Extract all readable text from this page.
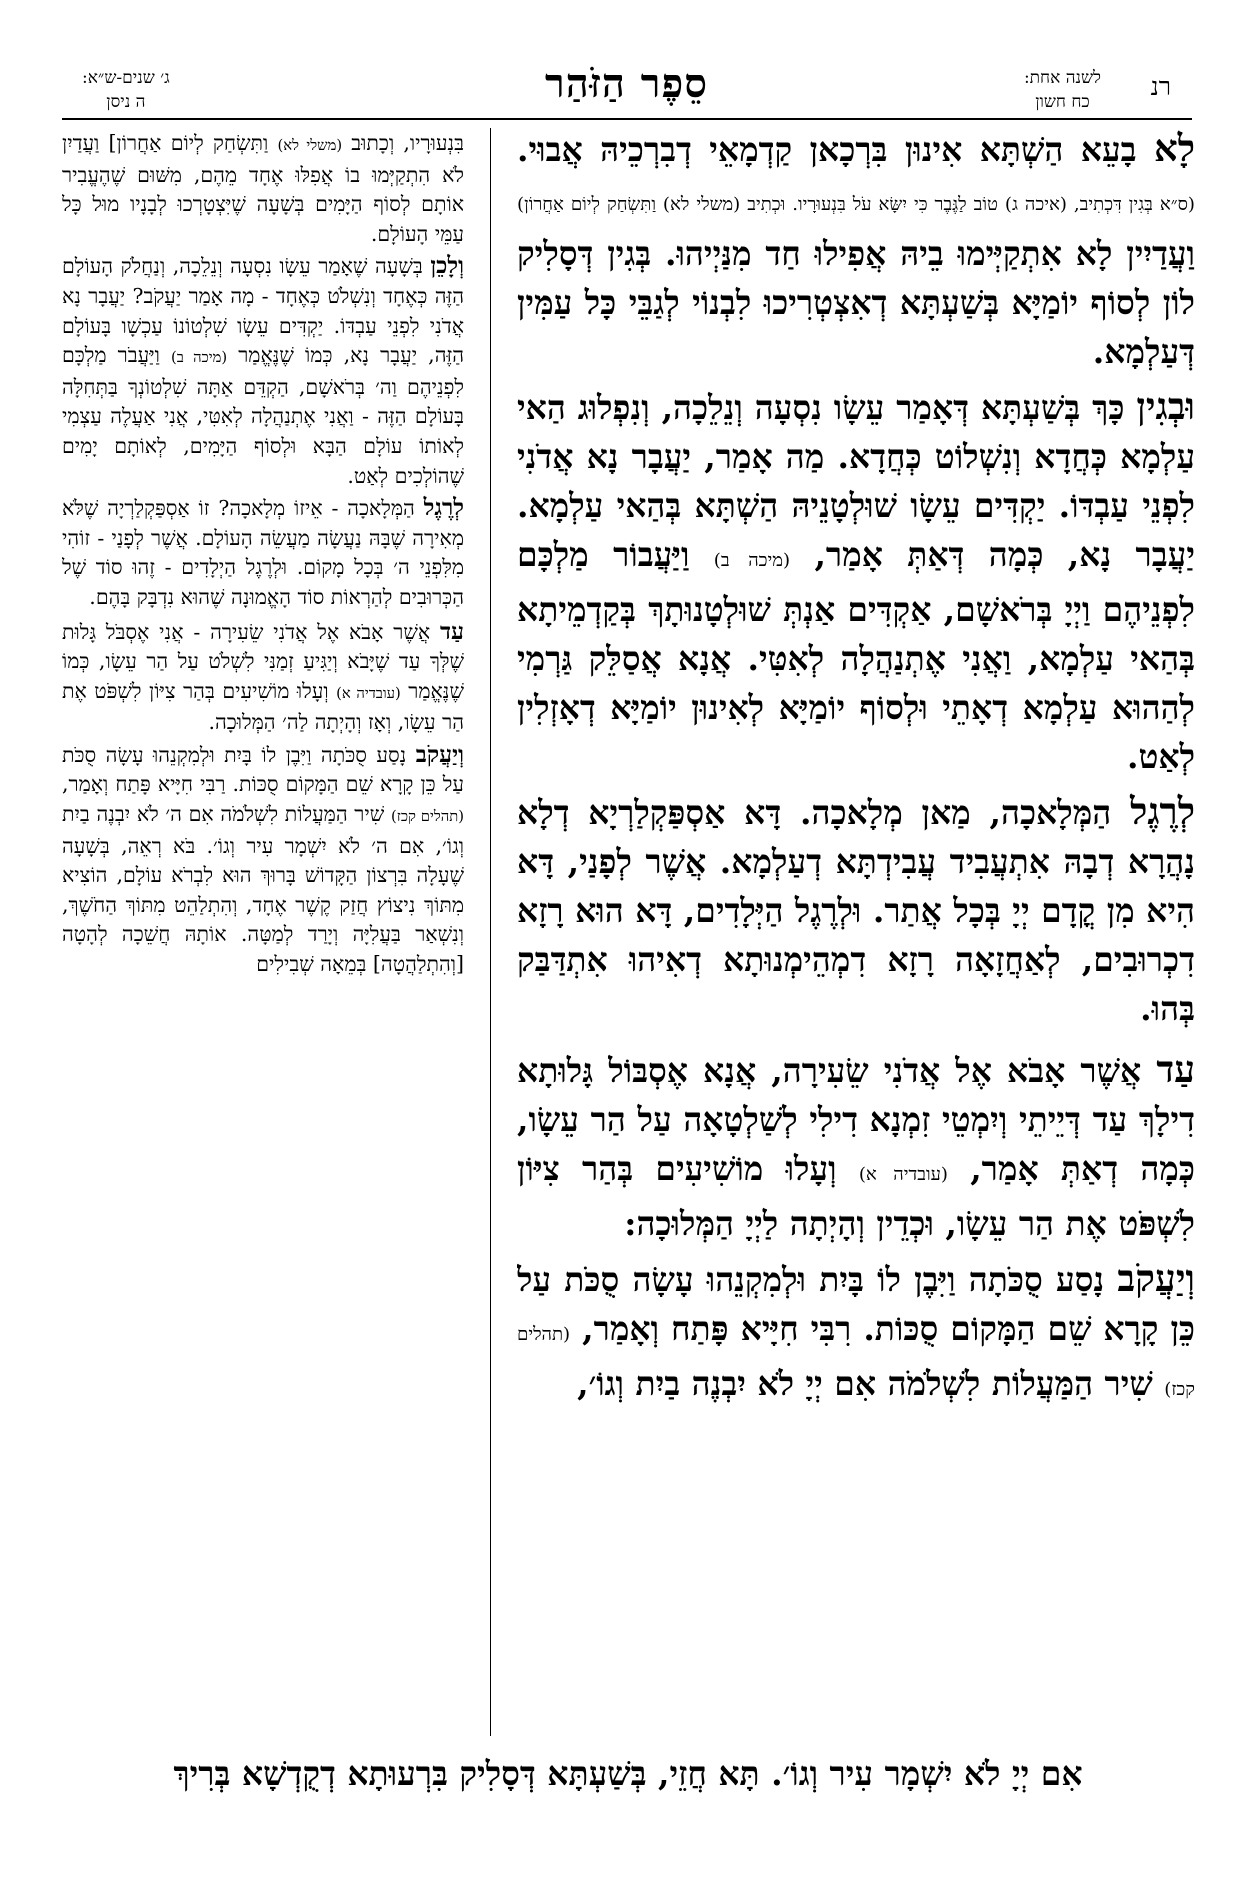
רנ
לשנה אחת:
כח חשון
סֵפֶר הַזֹּהַר
ג׳ שנים-ש״א:
ה ניסן

לָא בָעֵא הַשְׁתָּא אִינוּן בִּרְכָאן קַדְמָאֵי דְבִרְכֵיהּ אֲבוּי. (ס״א בְּגִין דִּכְתִיב, (איכה ג) טוֹב לַגֶּבֶר כִּי יִשָּׂא עֹל בִּנְעוּרָיו. וּכְתִיב (משלי לא) וַתִּשְׂחַק לְיוֹם אַחֲרוֹן) וַעֲדַיִין לָא אִתְקַיְּימוּ בֵיהּ אֲפִילוּ חַד מִנַּיְיהוּ. בְּגִין דְּסָלִיק לוֹן לְסוֹף יוֹמַיָּא בְּשַׁעְתָּא דְאִצְטְרִיכוּ לִבְנוֹי לְגַבֵּי כָּל עַמִּין דְּעַלְמָא.

וּבְגִין כָּךְ בְּשַׁעְתָּא דְּאָמַר עֵשָׂו נִסְעָה וְנֵלֵכָה, וְנִפְלוּג הַאי עַלְמָא כְּחֲדָא וְנִשְׁלוֹט כְּחֲדָא. מַה אָמַר, יַעֲבָר נָא אֲדֹנִי לִפְנֵי עַבְדּוֹ. יַקְדִּים עֵשָׂו שׁוּלְטָנֵיהּ הַשְׁתָּא בְּהַאי עַלְמָא. יַעֲבָר נָא, כְּמָה דְּאַתְּ אָמַר, (מיכה ב) וַיַּעֲבוֹר מַלְכָּם לִפְנֵיהֶם וַיְיָ בְּרֹאשָׁם, אַקְדִּים אַנְתְּ שׁוּלְטָנוּתָךְ בְּקַדְמֵיתָא בְּהַאי עַלְמָא, וַאֲנִי אֶתְנַהֲלָה לְאִטִּי. אֲנָא אֲסַלֵּק גַּרְמִי לְהַהוּא עַלְמָא דְאָתֵי וּלְסוֹף יוֹמַיָּא לְאִינוּן יוֹמַיָּא דְאָזְלִין לְאַט.

לְרֶגֶל הַמְּלָאכָה, מַאן מְלָאכָה. דָּא אַסְפַּקְלַרְיָא דְלָא נָהֲרָא דְבָהּ אִתְעֲבִיד עֲבִידְתָּא דְעַלְמָא. אֲשֶׁר לְפָנַי, דָּא הִיא מִן קֳדָם יְיָ בְּכָל אֲתַר. וּלְרֶגֶל הַיְּלָדִים, דָּא הוּא רָזָא דִכְרוּבִים, לְאַחֲזָאָה רָזָא דִמְהֵימְנוּתָא דְאִיהוּ אִתְדַּבַּק בְּהוּ.

עַד אֲשֶׁר אָבֹא אֶל אֲדֹנִי שֵׂעִירָה, אֲנָא אֶסְבּוֹל גָּלוּתָא דִילָךְ עַד דְּיֵיתֵי וְיִמְטֵי זִמְנָא דִילִי לְשַׁלְטָאָה עַל הַר עֵשָׂו, כְּמָה דְאַתְּ אָמַר, (עובדיה א) וְעָלוּ מוֹשִׁיעִים בְּהַר צִיּוֹן לִשְׁפֹּט אֶת הַר עֵשָׂו, וּכְדֵין וְהָיְתָה לַיְיָ הַמְּלוּכָה:

וְיַעֲקֹב נָסַע סֻכֹּתָה וַיִּבֶן לוֹ בָּיִת וּלְמִקְנֵהוּ עָשָׂה סֻכֹּת עַל כֵּן קָרָא שֵׁם הַמָּקוֹם סֻכּוֹת. רִבִּי חִיָּיא פָּתַח וְאָמַר, (תהלים קכז) שִׁיר הַמַּעֲלוֹת לִשְׁלֹמֹה אִם יְיָ לֹא יִבְנֶה בַיִת וְגוֹ׳,

בִּנְעוּרָיו, וְכָתוּב (משלי לא) וַתִּשְׂחַק לְיוֹם אַחֲרוֹן] וַעֲדַיִן לֹא הִתְקַיְּמוּ בוֹ אֲפִלּוּ אֶחָד מֵהֶם, מִשּׁוּם שֶׁהֶעֱבִיר אוֹתָם לְסוֹף הַיָּמִים בְּשָׁעָה שֶׁיִּצְטָרְכוּ לְבָנָיו מוּל כָּל עַמֵּי הָעוֹלָם.

וְלָכֵן בְּשָׁעָה שֶׁאָמַר עֵשָׂו נִסְעָה וְנֵלֵכָה, וְנַחֲלֹק הָעוֹלָם הַזֶּה כְּאֶחָד וְנִשְׁלֹט כְּאֶחָד - מָה אָמַר יַעֲקֹב? יַעֲבָר נָא אֲדֹנִי לִפְנֵי עַבְדּוֹ. יַקְדִּים עֵשָׂו שִׁלְטוֹנוֹ עַכְשָׁו בָּעוֹלָם הַזֶּה, יַעֲבָר נָא, כְּמוֹ שֶׁנֶּאֱמַר (מיכה ב) וַיַּעֲבֹר מַלְכָּם לִפְנֵיהֶם וַה׳ בְּרֹאשָׁם, הַקְדֵּם אַתָּה שִׁלְטוֹנְךָ בַּתְּחִלָּה בָּעוֹלָם הַזֶּה - וַאֲנִי אֶתְנַהֲלָה לְאִטִּי, אֲנִי אַעֲלֶה עַצְמִי לְאוֹתוֹ עוֹלָם הַבָּא וּלְסוֹף הַיָּמִים, לְאוֹתָם יָמִים שֶׁהוֹלְכִים לְאַט.

לְרֶגֶל הַמְּלָאכָה - אֵיזוֹ מְלָאכָה? זוֹ אַסְפַּקְלַרְיָה שֶׁלֹּא מְאִירָה שֶׁבָּהּ נַעֲשָׂה מַעֲשֵׂה הָעוֹלָם. אֲשֶׁר לְפָנַי - זוֹהִי מִלִּפְנֵי ה׳ בְּכָל מָקוֹם. וּלְרֶגֶל הַיְלָדִים - זֶהוּ סוֹד שֶׁל הַכְּרוּבִים לְהַרְאוֹת סוֹד הָאֱמוּנָה שֶׁהוּא נִדְבָּק בָּהֶם.

עַד אֲשֶׁר אָבֹא אֶל אֲדֹנִי שֵׂעִירָה - אֲנִי אֶסְבֹּל גָּלוּת שֶׁלְּךָ עַד שֶׁיָּבֹא וְיַגִּיעַ זְמַנִּי לִשְׁלֹט עַל הַר עֵשָׂו, כְּמוֹ שֶׁנֶּאֱמַר (עובדיה א) וְעָלוּ מוֹשִׁיעִים בְּהַר צִיּוֹן לִשְׁפֹּט אֶת הַר עֵשָׂו, וְאָז וְהָיְתָה לַה׳ הַמְּלוּכָה.

וְיַעֲקֹב נָסַע סֻכֹּתָה וַיִּבֶן לוֹ בָּיִת וּלְמִקְנֵהוּ עָשָׂה סֻכֹּת עַל כֵּן קָרָא שֵׁם הַמָּקוֹם סֻכּוֹת. רַבִּי חִיָּיא פָּתַח וְאָמַר, (תהלים קכז) שִׁיר הַמַּעֲלוֹת לִשְׁלֹמֹה אִם ה׳ לֹא יִבְנֶה בַיִת וְגוֹ׳, אִם ה׳ לֹא יִשְׁמָר עִיר וְגוֹ׳. בֹּא רְאֵה, בְּשָׁעָה שֶׁעָלָה בִּרְצוֹן הַקָּדוֹשׁ בָּרוּךְ הוּא לִבְרֹא עוֹלָם, הוֹצִיא מִתּוֹךְ נִיצוֹץ חֲזַק קֶשֶׁר אֶחָד, וְהִתְלַהֵט מִתּוֹךְ הַחֹשֶׁךְ, וְנִשְׁאַר בַּעֲלִיָּה וְיָרַד לְמַטָּה. אוֹתָהּ חֲשֵׁכָה לְהָטָה [וְהִתְלַהֲטָה] בְּמֵאָה שְׁבִילִים

אִם יְיָ לֹא יִשְׁמָר עִיר וְגוֹ׳. תָּא חֲזֵי, בְּשַׁעְתָּא דְּסָלִיק בִּרְעוּתָא דְקֻדְשָׁא בְּרִיךְ
